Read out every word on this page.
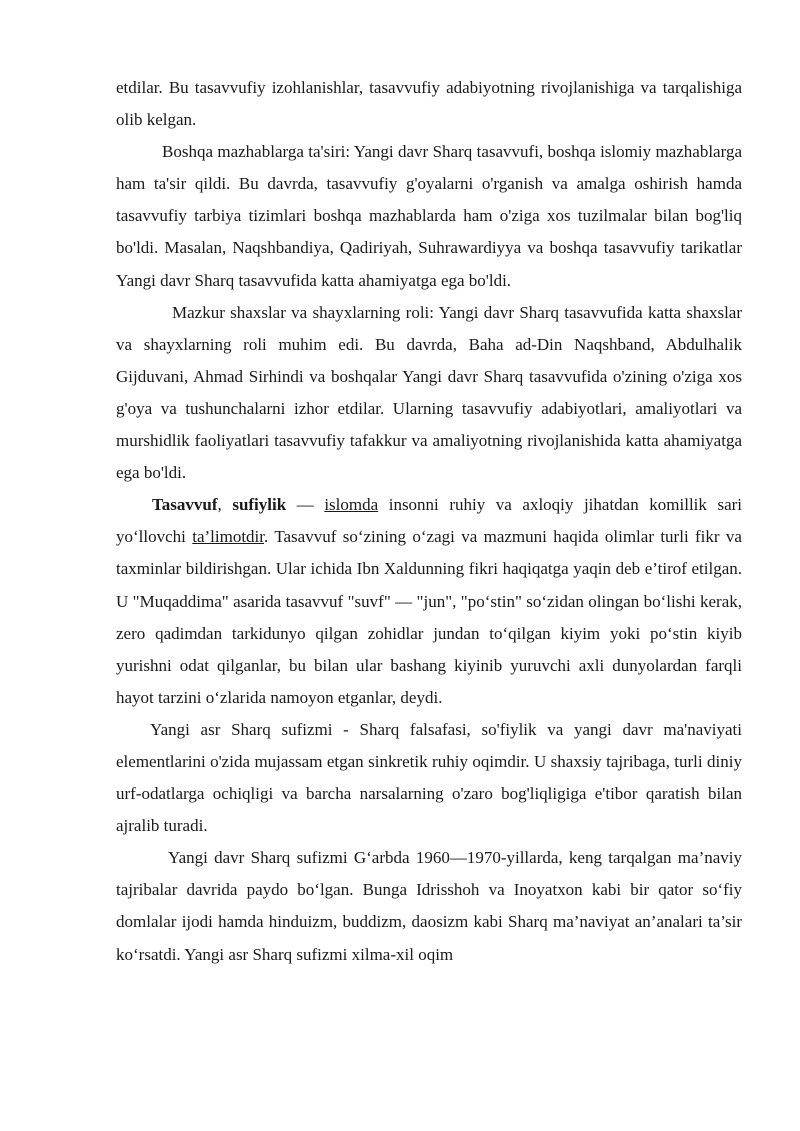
etdilar. Bu tasavvufiy izohlanishlar, tasavvufiy adabiyotning rivojlanishiga va tarqalishiga olib kelgan.

Boshqa mazhablarga ta'siri: Yangi davr Sharq tasavvufi, boshqa islomiy mazhablarga ham ta'sir qildi. Bu davrda, tasavvufiy g'oyalarni o'rganish va amalga oshirish hamda tasavvufiy tarbiya tizimlari boshqa mazhablarda ham o'ziga xos tuzilmalar bilan bog'liq bo'ldi. Masalan, Naqshbandiya, Qadiriyah, Suhrawardiyya va boshqa tasavvufiy tarikatlar Yangi davr Sharq tasavvufida katta ahamiyatga ega bo'ldi.

Mazkur shaxslar va shayxlarning roli: Yangi davr Sharq tasavvufida katta shaxslar va shayxlarning roli muhim edi. Bu davrda, Baha ad-Din Naqshband, Abdulhalik Gijduvani, Ahmad Sirhindi va boshqalar Yangi davr Sharq tasavvufida o'zining o'ziga xos g'oya va tushunchalarni izhor etdilar. Ularning tasavvufiy adabiyotlari, amaliyotlari va murshidlik faoliyatlari tasavvufiy tafakkur va amaliyotning rivojlanishida katta ahamiyatga ega bo'ldi.

Tasavvuf, sufiylik — islomda insonni ruhiy va axloqiy jihatdan komillik sari yo‘llovchi ta’limotdir. Tasavvuf so‘zining o‘zagi va mazmuni haqida olimlar turli fikr va taxminlar bildirishgan. Ular ichida Ibn Xaldunning fikri haqiqatga yaqin deb e’tirof etilgan. U "Muqaddima" asarida tasavvuf "suvf" — "jun", "po‘stin" so‘zidan olingan bo‘lishi kerak, zero qadimdan tarkidunyo qilgan zohidlar jundan to‘qilgan kiyim yoki po‘stin kiyib yurishni odat qilganlar, bu bilan ular bashang kiyinib yuruvchi axli dunyolardan farqli hayot tarzini o‘zlarida namoyon etganlar, deydi.

Yangi asr Sharq sufizmi - Sharq falsafasi, so'fiylik va yangi davr ma'naviyati elementlarini o'zida mujassam etgan sinkretik ruhiy oqimdir. U shaxsiy tajribaga, turli diniy urf-odatlarga ochiqligi va barcha narsalarning o'zaro bog'liqligiga e'tibor qaratish bilan ajralib turadi.

Yangi davr Sharq sufizmi G‘arbda 1960—1970-yillarda, keng tarqalgan ma’naviy tajribalar davrida paydo bo‘lgan. Bunga Idrisshoh va Inoyatxon kabi bir qator so‘fiy domlalar ijodi hamda hinduizm, buddizm, daosizm kabi Sharq ma’naviyat an’analari ta’sir ko‘rsatdi. Yangi asr Sharq sufizmi xilma-xil oqim
